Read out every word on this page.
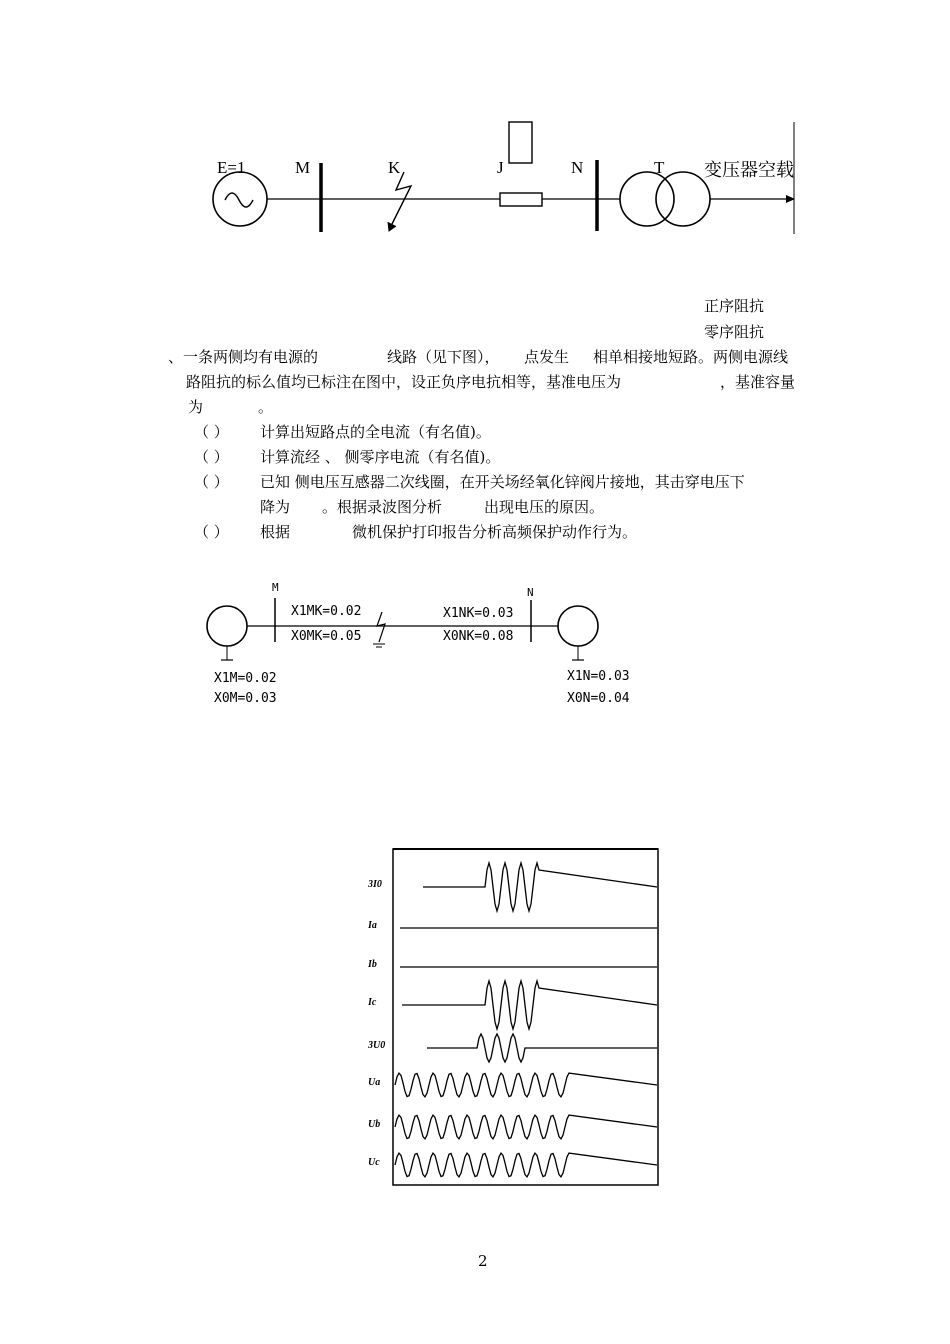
E=1	M	K	J	N	T 变压器空载
正序阻抗
零序阻抗
、一条两侧均有电源的	线路（见下图）， 点发生 相单相接地短路。两侧电源线
路阻抗的标么值均已标注在图中，设正负序电抗相等，基准电压为	，基准容量
为	。
（ ） 计算出短路点的全电流（有名值)。
（ ） 计算流经 、 侧零序电流（有名值)。
（ ） 已知 侧电压互感器二次线圈，在开关场经氧化锌阀片接地，其击穿电压下
降为 。根据录波图分析	出现电压的原因。
（ ） 根据	微机保护打印报告分析高频保护动作行为。
M	N
X1MK=0.02
X0MK=0.05
X1NK=0.03
X0NK=0.08
X1M=0.02
X0M=0.03
X1N=0.03
X0N=0.04
3I0
Ia
Ib
Ic
3U0
Ua
Ub
Uc
2
